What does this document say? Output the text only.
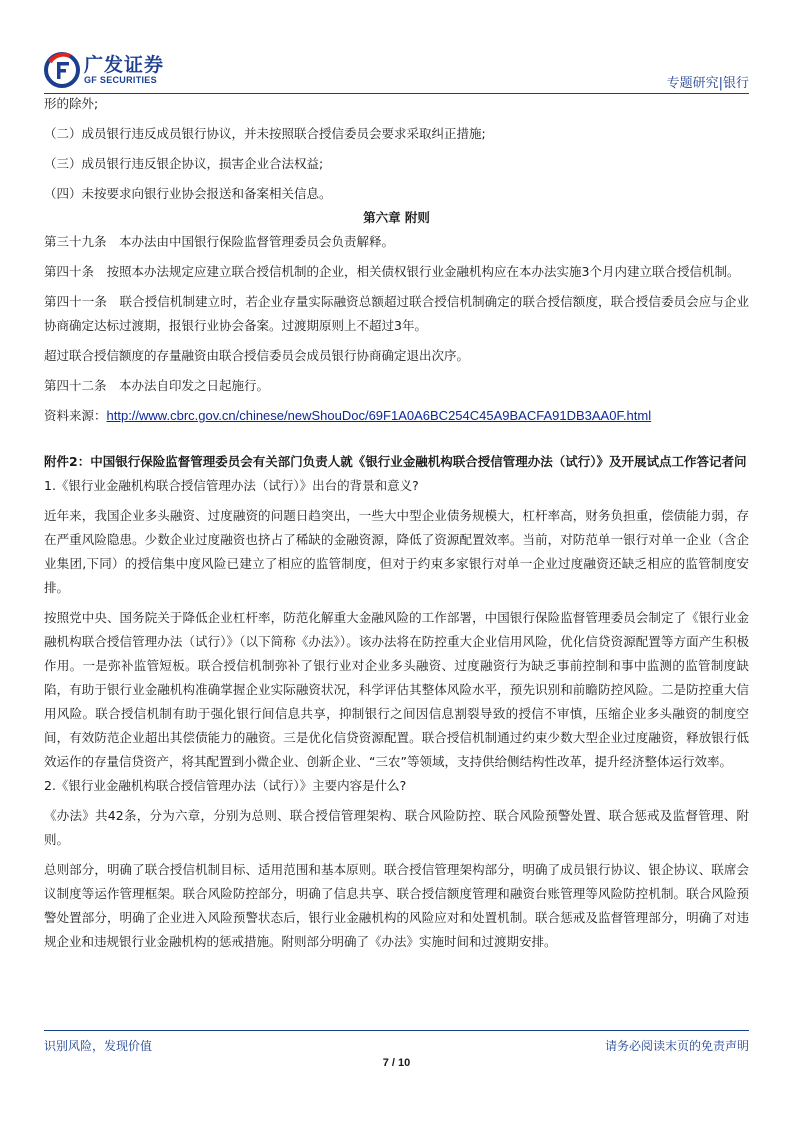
广发证券
GF SECURITIES	专题研究|银行

形的除外;

（二）成员银行违反成员银行协议，并未按照联合授信委员会要求采取纠正措施;

（三）成员银行违反银企协议，损害企业合法权益;

（四）未按要求向银行业协会报送和备案相关信息。

第六章 附则

第三十九条　本办法由中国银行保险监督管理委员会负责解释。

第四十条　按照本办法规定应建立联合授信机制的企业，相关债权银行业金融机构应在本办法实施3个月内建立联合授信机制。

第四十一条　联合授信机制建立时，若企业存量实际融资总额超过联合授信机制确定的联合授信额度，联合授信委员会应与企业协商确定达标过渡期，报银行业协会备案。过渡期原则上不超过3年。

超过联合授信额度的存量融资由联合授信委员会成员银行协商确定退出次序。

第四十二条　本办法自印发之日起施行。

资料来源：http://www.cbrc.gov.cn/chinese/newShouDoc/69F1A0A6BC254C45A9BACFA91DB3AA0F.html

附件2：中国银行保险监督管理委员会有关部门负责人就《银行业金融机构联合授信管理办法（试行）》及开展试点工作答记者问

1.《银行业金融机构联合授信管理办法（试行）》出台的背景和意义?

近年来，我国企业多头融资、过度融资的问题日趋突出，一些大中型企业债务规模大，杠杆率高，财务负担重，偿债能力弱，存在严重风险隐患。少数企业过度融资也挤占了稀缺的金融资源，降低了资源配置效率。当前，对防范单一银行对单一企业（含企业集团,下同）的授信集中度风险已建立了相应的监管制度，但对于约束多家银行对单一企业过度融资还缺乏相应的监管制度安排。

按照党中央、国务院关于降低企业杠杆率，防范化解重大金融风险的工作部署，中国银行保险监督管理委员会制定了《银行业金融机构联合授信管理办法（试行）》（以下简称《办法》）。该办法将在防控重大企业信用风险，优化信贷资源配置等方面产生积极作用。一是弥补监管短板。联合授信机制弥补了银行业对企业多头融资、过度融资行为缺乏事前控制和事中监测的监管制度缺陷，有助于银行业金融机构准确掌握企业实际融资状况，科学评估其整体风险水平，预先识别和前瞻防控风险。二是防控重大信用风险。联合授信机制有助于强化银行间信息共享，抑制银行之间因信息割裂导致的授信不审慎，压缩企业多头融资的制度空间，有效防范企业超出其偿债能力的融资。三是优化信贷资源配置。联合授信机制通过约束少数大型企业过度融资，释放银行低效运作的存量信贷资产，将其配置到小微企业、创新企业、“三农”等领域，支持供给侧结构性改革，提升经济整体运行效率。

2.《银行业金融机构联合授信管理办法（试行）》主要内容是什么?

《办法》共42条，分为六章，分别为总则、联合授信管理架构、联合风险防控、联合风险预警处置、联合惩戒及监督管理、附则。

总则部分，明确了联合授信机制目标、适用范围和基本原则。联合授信管理架构部分，明确了成员银行协议、银企协议、联席会议制度等运作管理框架。联合风险防控部分，明确了信息共享、联合授信额度管理和融资台账管理等风险防控机制。联合风险预警处置部分，明确了企业进入风险预警状态后，银行业金融机构的风险应对和处置机制。联合惩戒及监督管理部分，明确了对违规企业和违规银行业金融机构的惩戒措施。附则部分明确了《办法》实施时间和过渡期安排。

识别风险，发现价值	请务必阅读末页的免责声明
7 / 10
